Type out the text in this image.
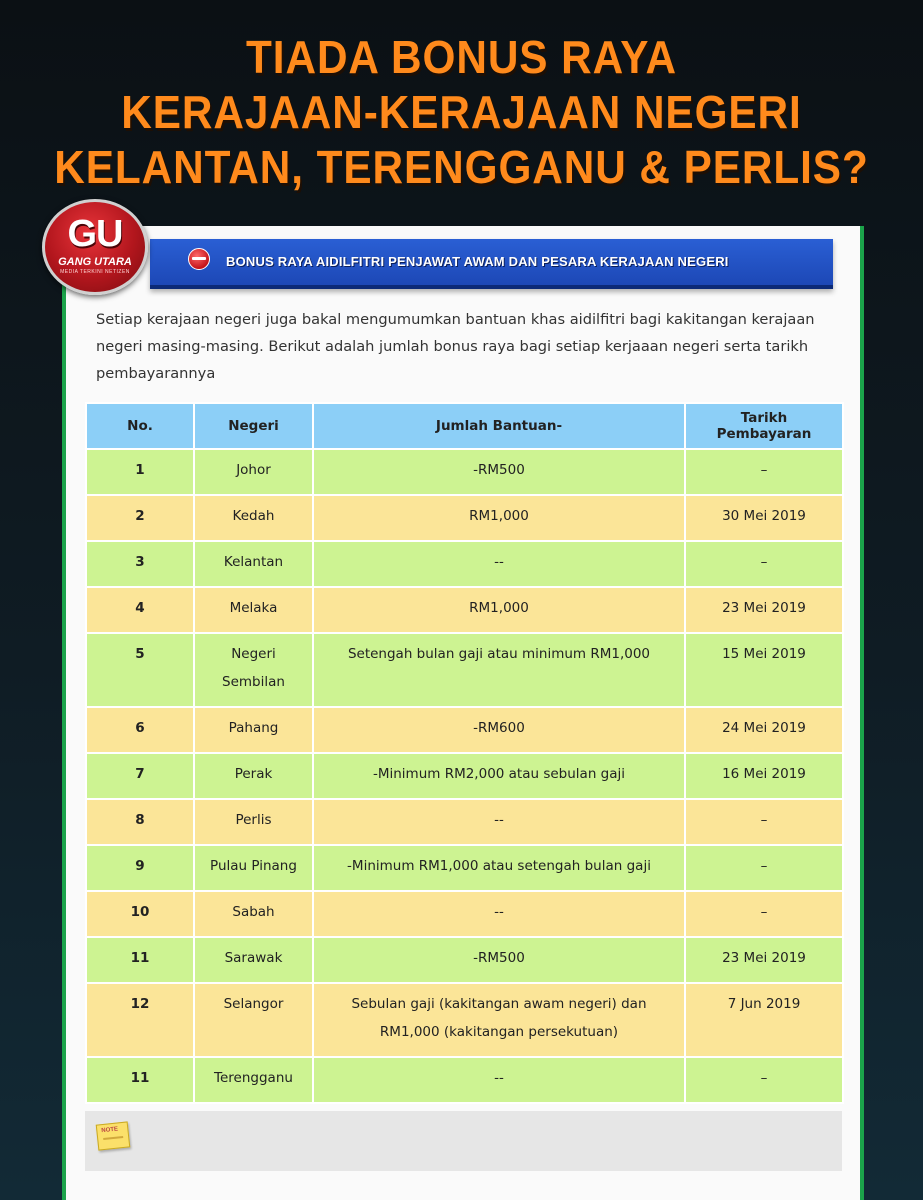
TIADA BONUS RAYA
KERAJAAN-KERAJAAN NEGERI
KELANTAN, TERENGGANU & PERLIS?
GU
GANG UTARA
MEDIA TERKINI NETIZEN
BONUS RAYA AIDILFITRI PENJAWAT AWAM DAN PESARA KERAJAAN NEGERI
Setiap kerajaan negeri juga bakal mengumumkan bantuan khas aidilfitri bagi kakitangan kerajaan negeri masing-masing. Berikut adalah jumlah bonus raya bagi setiap kerjaaan negeri serta tarikh pembayarannya
No.	Negeri	Jumlah Bantuan-	Tarikh Pembayaran
1	Johor	-RM500	–
2	Kedah	RM1,000	30 Mei 2019
3	Kelantan	--	–
4	Melaka	RM1,000	23 Mei 2019
5	Negeri Sembilan	Setengah bulan gaji atau minimum RM1,000	15 Mei 2019
6	Pahang	-RM600	24 Mei 2019
7	Perak	-Minimum RM2,000 atau sebulan gaji	16 Mei 2019
8	Perlis	--	–
9	Pulau Pinang	-Minimum RM1,000 atau setengah bulan gaji	–
10	Sabah	--	–
11	Sarawak	-RM500	23 Mei 2019
12	Selangor	Sebulan gaji (kakitangan awam negeri) dan RM1,000 (kakitangan persekutuan)	7 Jun 2019
11	Terengganu	--	–
NOTE
